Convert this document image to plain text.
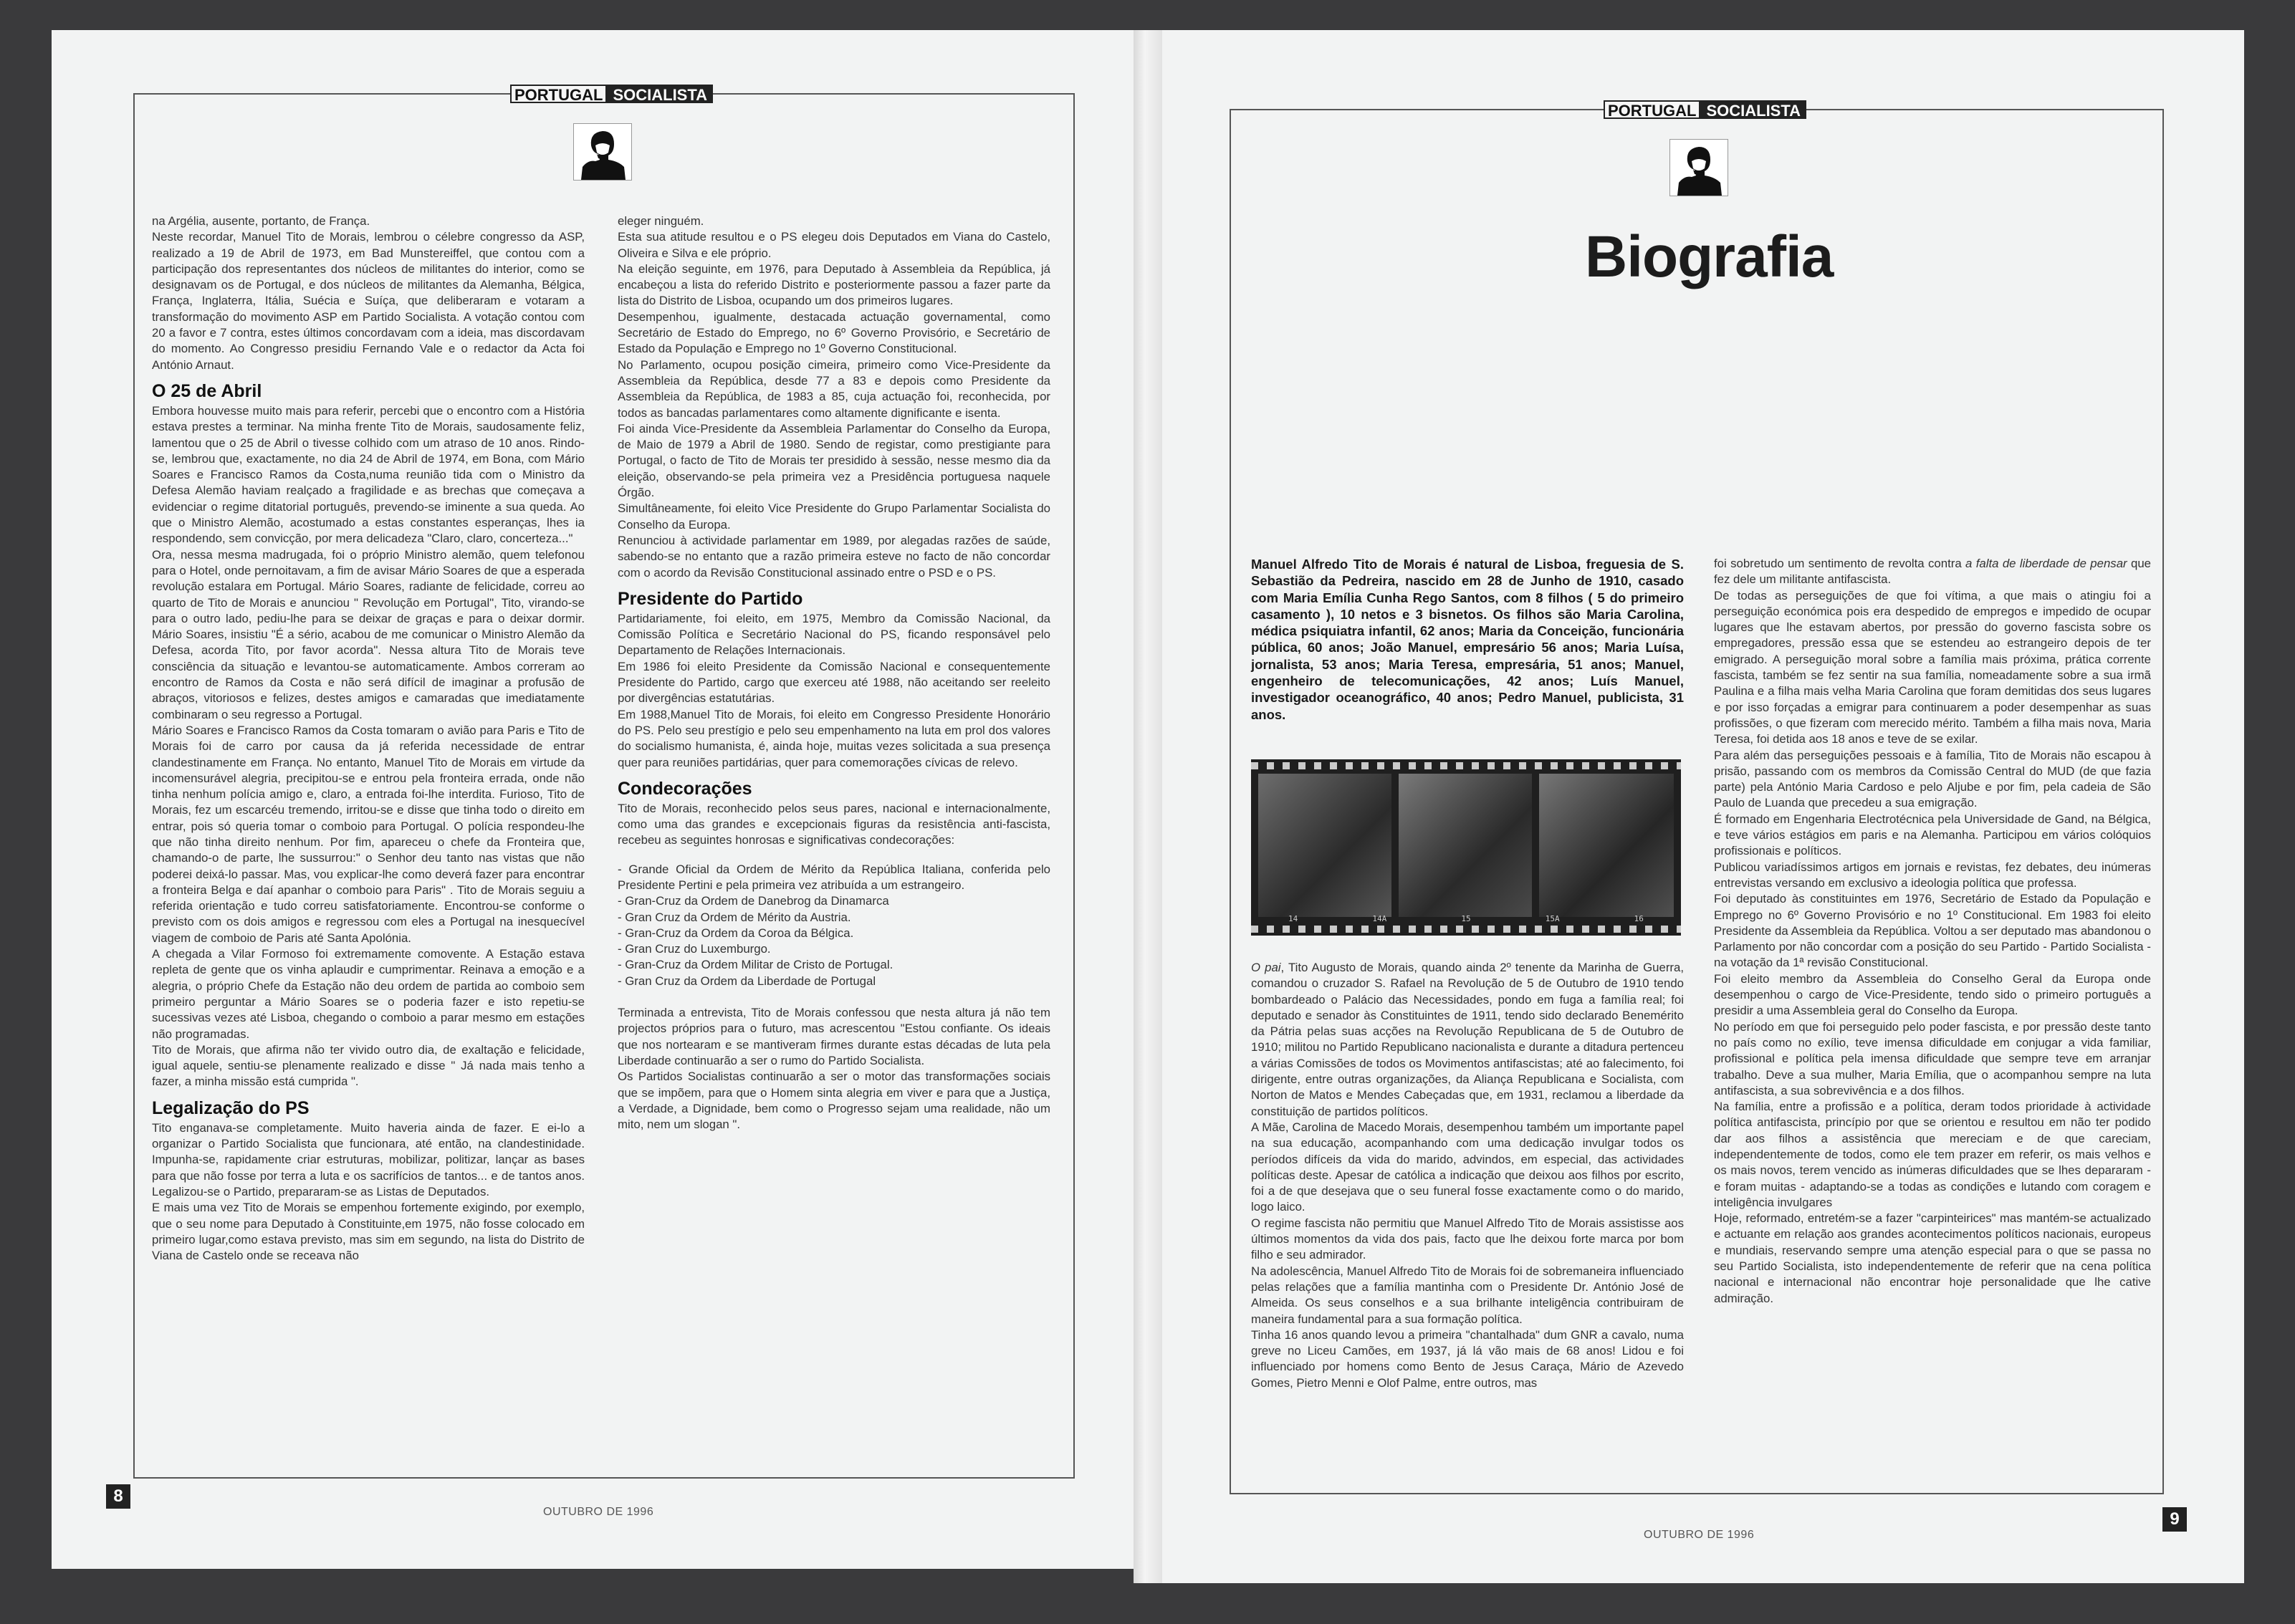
PORTUGAL SOCIALISTA

na Argélia, ausente, portanto, de França.

Neste recordar, Manuel Tito de Morais, lembrou o célebre congresso da ASP, realizado a 19 de Abril de 1973, em Bad Munstereiffel, que contou com a participação dos representantes dos núcleos de militantes do interior, como se designavam os de Portugal, e dos núcleos de militantes da Alemanha, Bélgica, França, Inglaterra, Itália, Suécia e Suíça, que deliberaram e votaram a transformação do movimento ASP em Partido Socialista. A votação contou com 20 a favor e 7 contra, estes últimos concordavam com a ideia, mas discordavam do momento. Ao Congresso presidiu Fernando Vale e o redactor da Acta foi António Arnaut.

O 25 de Abril

Embora houvesse muito mais para referir, percebi que o encontro com a História estava prestes a terminar. Na minha frente Tito de Morais, saudosamente feliz, lamentou que o 25 de Abril o tivesse colhido com um atraso de 10 anos. Rindo-se, lembrou que, exactamente, no dia 24 de Abril de 1974, em Bona, com Mário Soares e Francisco Ramos da Costa,numa reunião tida com o Ministro da Defesa Alemão haviam realçado a fragilidade e as brechas que começava a evidenciar o regime ditatorial português, prevendo-se iminente a sua queda. Ao que o Ministro Alemão, acostumado a estas constantes esperanças, lhes ia respondendo, sem convicção, por mera delicadeza "Claro, claro, concerteza..."

Ora, nessa mesma madrugada, foi o próprio Ministro alemão, quem telefonou para o Hotel, onde pernoitavam, a fim de avisar Mário Soares de que a esperada revolução estalara em Portugal. Mário Soares, radiante de felicidade, correu ao quarto de Tito de Morais e anunciou " Revolução em Portugal", Tito, virando-se para o outro lado, pediu-lhe para se deixar de graças e para o deixar dormir. Mário Soares, insistiu "É a sério, acabou de me comunicar o Ministro Alemão da Defesa, acorda Tito, por favor acorda". Nessa altura Tito de Morais teve consciência da situação e levantou-se automaticamente. Ambos correram ao encontro de Ramos da Costa e não será difícil de imaginar a profusão de abraços, vitoriosos e felizes, destes amigos e camaradas que imediatamente combinaram o seu regresso a Portugal.

Mário Soares e Francisco Ramos da Costa tomaram o avião para Paris e Tito de Morais foi de carro por causa da já referida necessidade de entrar clandestinamente em França. No entanto, Manuel Tito de Morais em virtude da incomensurável alegria, precipitou-se e entrou pela fronteira errada, onde não tinha nenhum polícia amigo e, claro, a entrada foi-lhe interdita. Furioso, Tito de Morais, fez um escarcéu tremendo, irritou-se e disse que tinha todo o direito em entrar, pois só queria tomar o comboio para Portugal. O polícia respondeu-lhe que não tinha direito nenhum. Por fim, apareceu o chefe da Fronteira que, chamando-o de parte, lhe sussurrou:" o Senhor deu tanto nas vistas que não poderei deixá-lo passar. Mas, vou explicar-lhe como deverá fazer para encontrar a fronteira Belga e daí apanhar o comboio para Paris" . Tito de Morais seguiu a referida orientação e tudo correu satisfatoriamente. Encontrou-se conforme o previsto com os dois amigos e regressou com eles a Portugal na inesquecível viagem de comboio de Paris até Santa Apolónia.

A chegada a Vilar Formoso foi extremamente comovente. A Estação estava repleta de gente que os vinha aplaudir e cumprimentar. Reinava a emoção e a alegria, o próprio Chefe da Estação não deu ordem de partida ao comboio sem primeiro perguntar a Mário Soares se o poderia fazer e isto repetiu-se sucessivas vezes até Lisboa, chegando o comboio a parar mesmo em estações não programadas.

Tito de Morais, que afirma não ter vivido outro dia, de exaltação e felicidade, igual aquele, sentiu-se plenamente realizado e disse " Já nada mais tenho a fazer, a minha missão está cumprida ".

Legalização do PS

Tito enganava-se completamente. Muito haveria ainda de fazer. E ei-lo a organizar o Partido Socialista que funcionara, até então, na clandestinidade. Impunha-se, rapidamente criar estruturas, mobilizar, politizar, lançar as bases para que não fosse por terra a luta e os sacrifícios de tantos... e de tantos anos. Legalizou-se o Partido, prepararam-se as Listas de Deputados.

E mais uma vez Tito de Morais se empenhou fortemente exigindo, por exemplo, que o seu nome para Deputado à Constituinte,em 1975, não fosse colocado em primeiro lugar,como estava previsto, mas sim em segundo, na lista do Distrito de Viana de Castelo onde se receava não

eleger ninguém.

Esta sua atitude resultou e o PS elegeu dois Deputados em Viana do Castelo, Oliveira e Silva e ele próprio.

Na eleição seguinte, em 1976, para Deputado à Assembleia da República, já encabeçou a lista do referido Distrito e posteriormente passou a fazer parte da lista do Distrito de Lisboa, ocupando um dos primeiros lugares.

Desempenhou, igualmente, destacada actuação governamental, como Secretário de Estado do Emprego, no 6º Governo Provisório, e Secretário de Estado da População e Emprego no 1º Governo Constitucional.

No Parlamento, ocupou posição cimeira, primeiro como Vice-Presidente da Assembleia da República, desde 77 a 83 e depois como Presidente da Assembleia da República, de 1983 a 85, cuja actuação foi, reconhecida, por todos as bancadas parlamentares como altamente dignificante e isenta.

Foi ainda Vice-Presidente da Assembleia Parlamentar do Conselho da Europa, de Maio de 1979 a Abril de 1980. Sendo de registar, como prestigiante para Portugal, o facto de Tito de Morais ter presidido à sessão, nesse mesmo dia da eleição, observando-se pela primeira vez a Presidência portuguesa naquele Órgão.

Simultâneamente, foi eleito Vice Presidente do Grupo Parlamentar Socialista do Conselho da Europa.

Renunciou à actividade parlamentar em 1989, por alegadas razões de saúde, sabendo-se no entanto que a razão primeira esteve no facto de não concordar com o acordo da Revisão Constitucional assinado entre o PSD e o PS.

Presidente do Partido

Partidariamente, foi eleito, em 1975, Membro da Comissão Nacional, da Comissão Política e Secretário Nacional do PS, ficando responsável pelo Departamento de Relações Internacionais.

Em 1986 foi eleito Presidente da Comissão Nacional e consequentemente Presidente do Partido, cargo que exerceu até 1988, não aceitando ser reeleito por divergências estatutárias.

Em 1988,Manuel Tito de Morais, foi eleito em Congresso Presidente Honorário do PS. Pelo seu prestígio e pelo seu empenhamento na luta em prol dos valores do socialismo humanista, é, ainda hoje, muitas vezes solicitada a sua presença quer para reuniões partidárias, quer para comemorações cívicas de relevo.

Condecorações

Tito de Morais, reconhecido pelos seus pares, nacional e internacionalmente, como uma das grandes e excepcionais figuras da resistência anti-fascista, recebeu as seguintes honrosas e significativas condecorações:

- Grande Oficial da Ordem de Mérito da República Italiana, conferida pelo Presidente Pertini e pela primeira vez atribuída a um estrangeiro.

- Gran-Cruz da Ordem de Danebrog da Dinamarca

- Gran Cruz da Ordem de Mérito da Austria.

- Gran-Cruz da Ordem da Coroa da Bélgica.

- Gran Cruz do Luxemburgo.

- Gran-Cruz da Ordem Militar de Cristo de Portugal.

- Gran Cruz da Ordem da Liberdade de Portugal

Terminada a entrevista, Tito de Morais confessou que nesta altura já não tem projectos próprios para o futuro, mas acrescentou "Estou confiante. Os ideais que nos nortearam e se mantiveram firmes durante estas décadas de luta pela Liberdade continuarão a ser o rumo do Partido Socialista.

Os Partidos Socialistas continuarão a ser o motor das transformações sociais que se impõem, para que o Homem sinta alegria em viver e para que a Justiça, a Verdade, a Dignidade, bem como o Progresso sejam uma realidade, não um mito, nem um slogan ".

8
OUTUBRO DE 1996
PORTUGAL SOCIALISTA
Biografia
Manuel Alfredo Tito de Morais é natural de Lisboa, freguesia de S. Sebastião da Pedreira, nascido em 28 de Junho de 1910, casado com Maria Emília Cunha Rego Santos, com 8 filhos ( 5 do primeiro casamento ), 10 netos e 3 bisnetos. Os filhos são Maria Carolina, médica psiquiatra infantil, 62 anos; Maria da Conceição, funcionária pública, 60 anos; João Manuel, empresário 56 anos; Maria Luísa, jornalista, 53 anos; Maria Teresa, empresária, 51 anos; Manuel, engenheiro de telecomunicações, 42 anos; Luís Manuel, investigador oceanográfico, 40 anos; Pedro Manuel, publicista, 31 anos.
14	14A	15	15A	16

O pai, Tito Augusto de Morais, quando ainda 2º tenente da Marinha de Guerra, comandou o cruzador S. Rafael na Revolução de 5 de Outubro de 1910 tendo bombardeado o Palácio das Necessidades, pondo em fuga a família real; foi deputado e senador às Constituintes de 1911, tendo sido declarado Benemérito da Pátria pelas suas acções na Revolução Republicana de 5 de Outubro de 1910; militou no Partido Republicano nacionalista e durante a ditadura pertenceu a várias Comissões de todos os Movimentos antifascistas; até ao falecimento, foi dirigente, entre outras organizações, da Aliança Republicana e Socialista, com Norton de Matos e Mendes Cabeçadas que, em 1931, reclamou a liberdade da constituição de partidos políticos.

A Mãe, Carolina de Macedo Morais, desempenhou também um importante papel na sua educação, acompanhando com uma dedicação invulgar todos os períodos difíceis da vida do marido, advindos, em especial, das actividades políticas deste. Apesar de católica a indicação que deixou aos filhos por escrito, foi a de que desejava que o seu funeral fosse exactamente como o do marido, logo laico.

O regime fascista não permitiu que Manuel Alfredo Tito de Morais assistisse aos últimos momentos da vida dos pais, facto que lhe deixou forte marca por bom filho e seu admirador.

Na adolescência, Manuel Alfredo Tito de Morais foi de sobremaneira influenciado pelas relações que a família mantinha com o Presidente Dr. António José de Almeida. Os seus conselhos e a sua brilhante inteligência contribuiram de maneira fundamental para a sua formação política.

Tinha 16 anos quando levou a primeira "chantalhada" dum GNR a cavalo, numa greve no Liceu Camões, em 1937, já lá vão mais de 68 anos! Lidou e foi influenciado por homens como Bento de Jesus Caraça, Mário de Azevedo Gomes, Pietro Menni e Olof Palme, entre outros, mas

foi sobretudo um sentimento de revolta contra a falta de liberdade de pensar que fez dele um militante antifascista.

De todas as perseguições de que foi vítima, a que mais o atingiu foi a perseguição económica pois era despedido de empregos e impedido de ocupar lugares que lhe estavam abertos, por pressão do governo fascista sobre os empregadores, pressão essa que se estendeu ao estrangeiro depois de ter emigrado. A perseguição moral sobre a família mais próxima, prática corrente fascista, também se fez sentir na sua família, nomeadamente sobre a sua irmã Paulina e a filha mais velha Maria Carolina que foram demitidas dos seus lugares e por isso forçadas a emigrar para continuarem a poder desempenhar as suas profissões, o que fizeram com merecido mérito. Também a filha mais nova, Maria Teresa, foi detida aos 18 anos e teve de se exilar.

Para além das perseguições pessoais e à família, Tito de Morais não escapou à prisão, passando com os membros da Comissão Central do MUD (de que fazia parte) pela António Maria Cardoso e pelo Aljube e por fim, pela cadeia de São Paulo de Luanda que precedeu a sua emigração.

É formado em Engenharia Electrotécnica pela Universidade de Gand, na Bélgica, e teve vários estágios em paris e na Alemanha. Participou em vários colóquios profissionais e políticos.

Publicou variadíssimos artigos em jornais e revistas, fez debates, deu inúmeras entrevistas versando em exclusivo a ideologia política que professa.

Foi deputado às constituintes em 1976, Secretário de Estado da População e Emprego no 6º Governo Provisório e no 1º Constitucional. Em 1983 foi eleito Presidente da Assembleia da República. Voltou a ser deputado mas abandonou o Parlamento por não concordar com a posição do seu Partido - Partido Socialista - na votação da 1ª revisão Constitucional.

Foi eleito membro da Assembleia do Conselho Geral da Europa onde desempenhou o cargo de Vice-Presidente, tendo sido o primeiro português a presidir a uma Assembleia geral do Conselho da Europa.

No período em que foi perseguido pelo poder fascista, e por pressão deste tanto no país como no exílio, teve imensa dificuldade em conjugar a vida familiar, profissional e política pela imensa dificuldade que sempre teve em arranjar trabalho. Deve a sua mulher, Maria Emília, que o acompanhou sempre na luta antifascista, a sua sobrevivência e a dos filhos.

Na família, entre a profissão e a política, deram todos prioridade à actividade política antifascista, princípio por que se orientou e resultou em não ter podido dar aos filhos a assistência que mereciam e de que careciam, independentemente de todos, como ele tem prazer em referir, os mais velhos e os mais novos, terem vencido as inúmeras dificuldades que se lhes depararam - e foram muitas - adaptando-se a todas as condições e lutando com coragem e inteligência invulgares

Hoje, reformado, entretém-se a fazer "carpinteirices" mas mantém-se actualizado e actuante em relação aos grandes acontecimentos políticos nacionais, europeus e mundiais, reservando sempre uma atenção especial para o que se passa no seu Partido Socialista, isto independentemente de referir que na cena política nacional e internacional não encontrar hoje personalidade que lhe cative admiração.

9
OUTUBRO DE 1996
